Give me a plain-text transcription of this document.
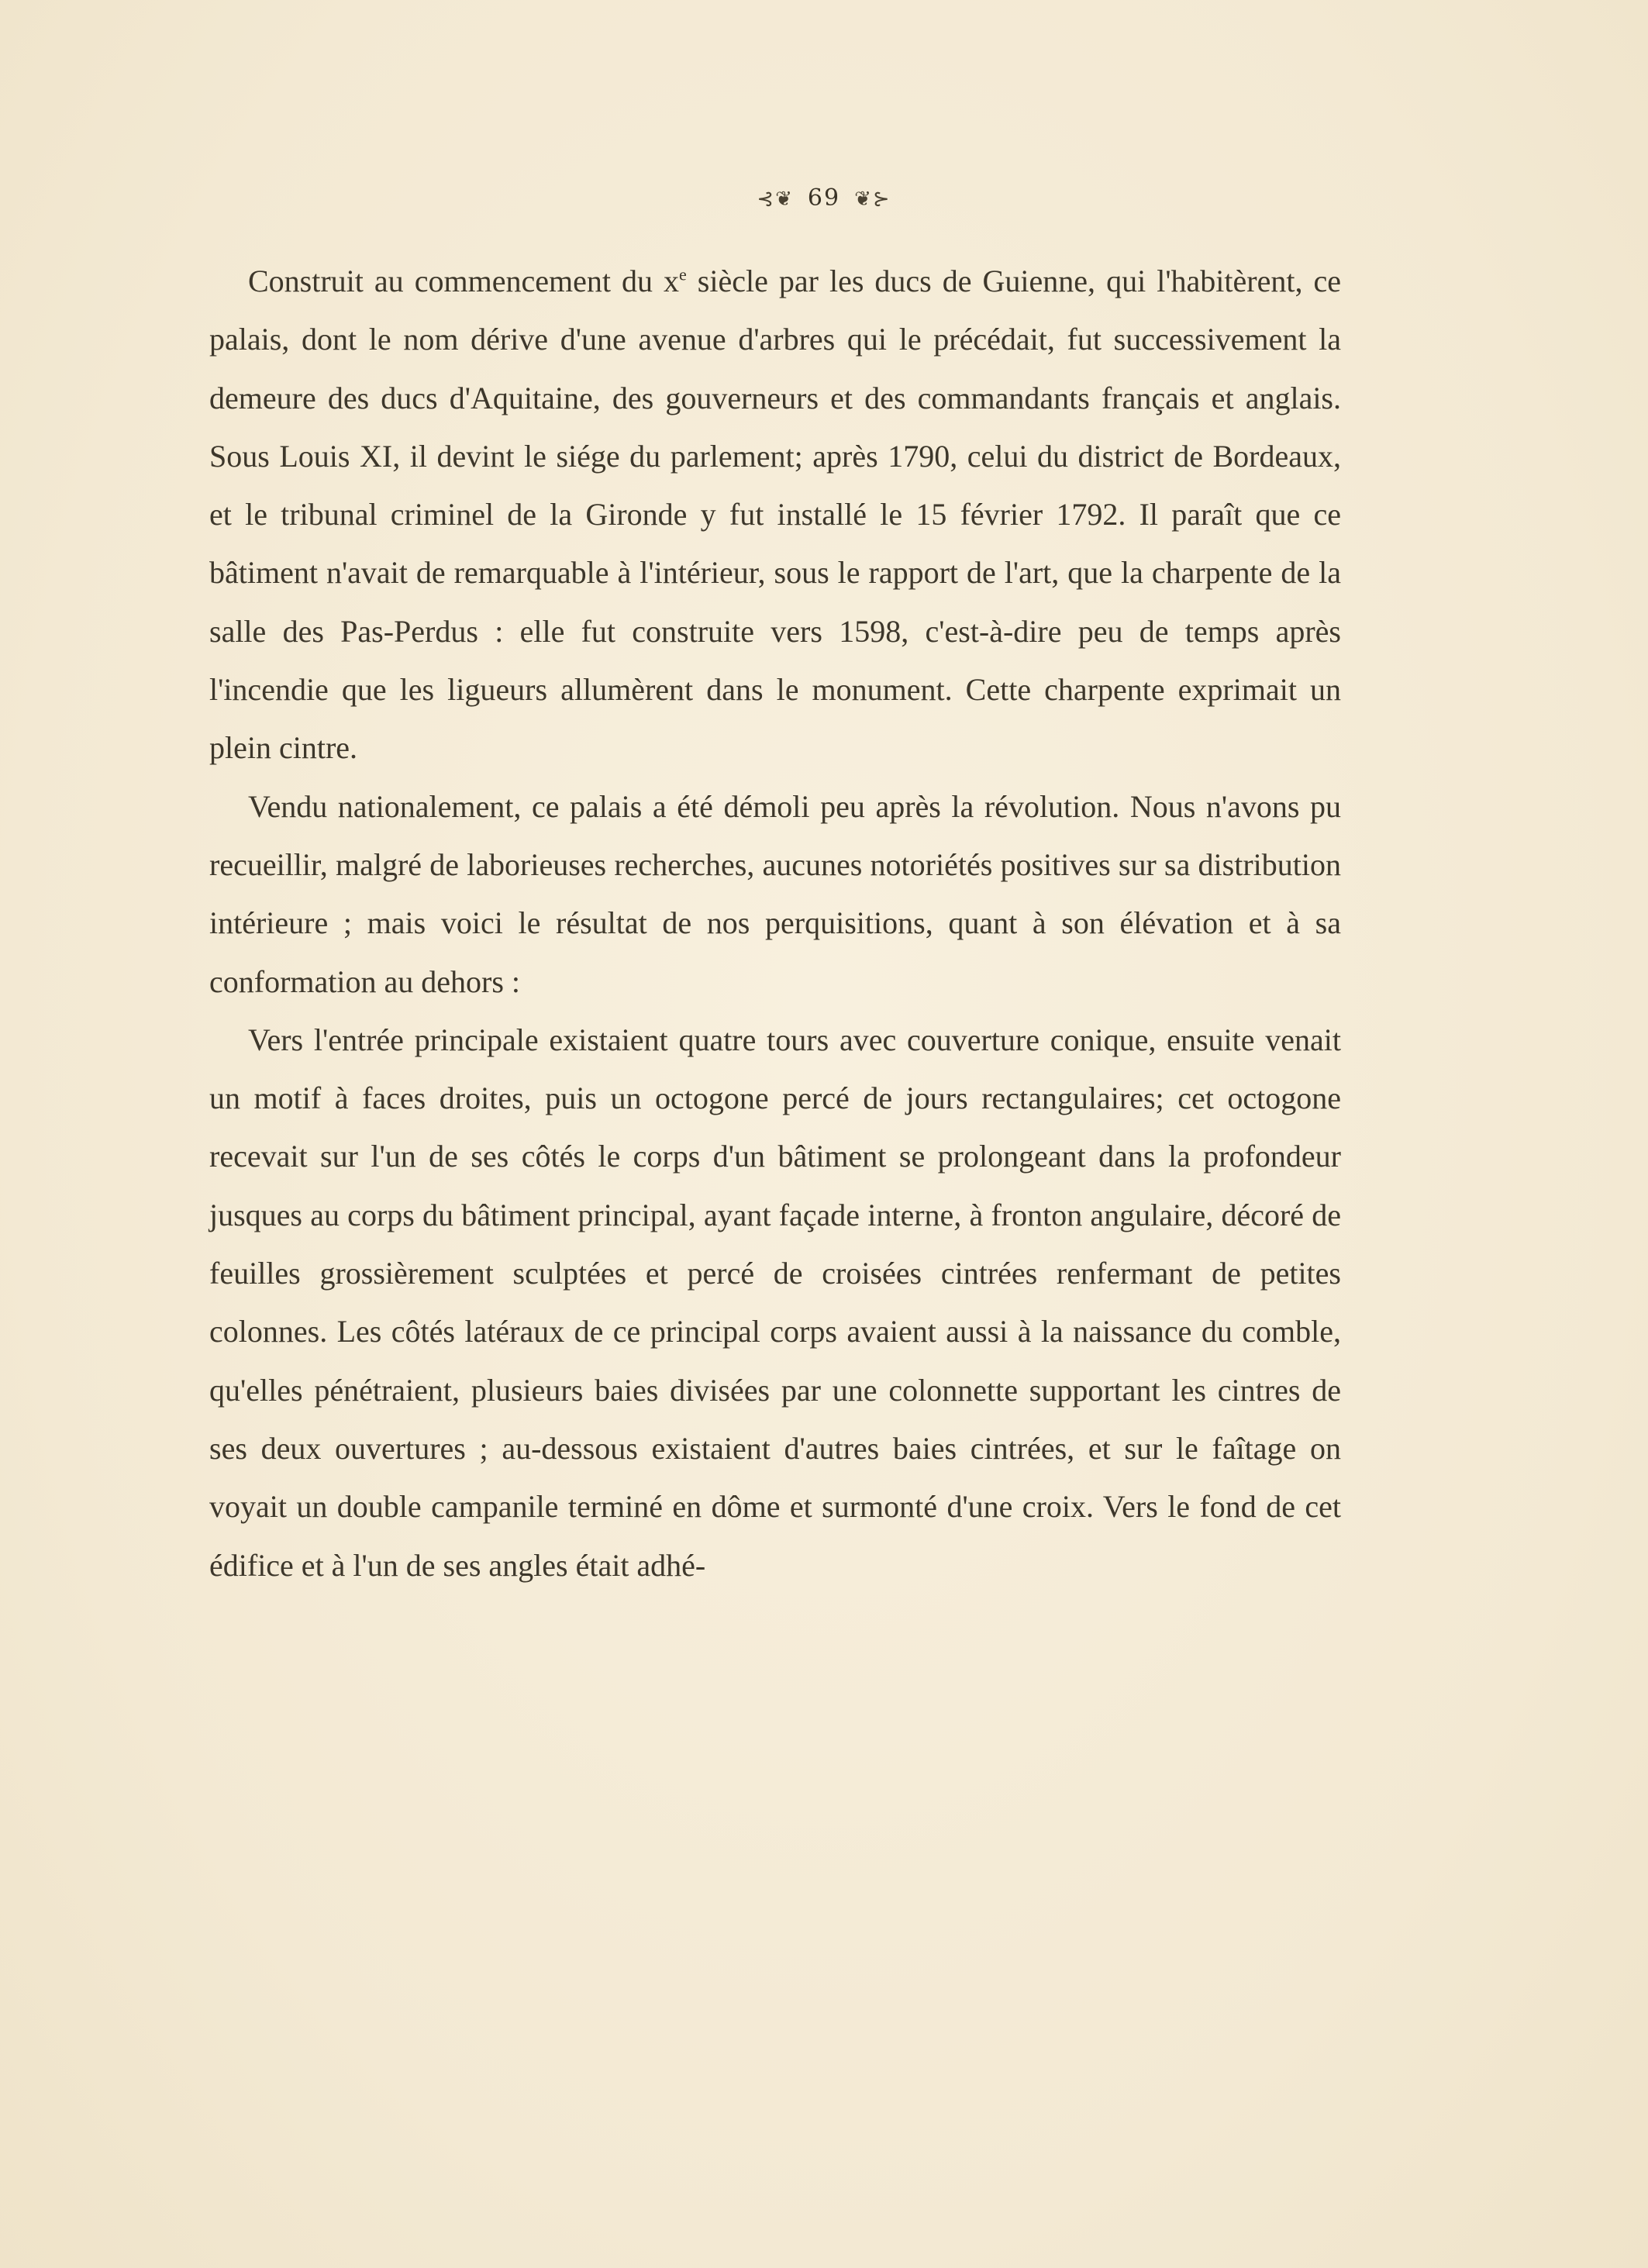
⊰❦ 69 ❦⊱

Construit au commencement du $x^e$ siècle par les ducs de Guienne, qui l'habitèrent, ce palais, dont le nom dérive d'une avenue d'arbres qui le précédait, fut successivement la demeure des ducs d'Aquitaine, des gouverneurs et des commandants français et anglais. Sous Louis XI, il devint le siége du parlement; après 1790, celui du district de Bordeaux, et le tribunal criminel de la Gironde y fut installé le 15 février 1792. Il paraît que ce bâtiment n'avait de remarquable à l'intérieur, sous le rapport de l'art, que la charpente de la salle des Pas-Perdus : elle fut construite vers 1598, c'est-à-dire peu de temps après l'incendie que les ligueurs allumèrent dans le monument. Cette charpente exprimait un plein cintre.

Vendu nationalement, ce palais a été démoli peu après la révolution. Nous n'avons pu recueillir, malgré de laborieuses recherches, aucunes notoriétés positives sur sa distribution intérieure ; mais voici le résultat de nos perquisitions, quant à son élévation et à sa conformation au dehors :

Vers l'entrée principale existaient quatre tours avec couverture conique, ensuite venait un motif à faces droites, puis un octogone percé de jours rectangulaires; cet octogone recevait sur l'un de ses côtés le corps d'un bâtiment se prolongeant dans la profondeur jusques au corps du bâtiment principal, ayant façade interne, à fronton angulaire, décoré de feuilles grossièrement sculptées et percé de croisées cintrées renfermant de petites colonnes. Les côtés latéraux de ce principal corps avaient aussi à la naissance du comble, qu'elles pénétraient, plusieurs baies divisées par une colonnette supportant les cintres de ses deux ouvertures ; au-dessous existaient d'autres baies cintrées, et sur le faîtage on voyait un double campanile terminé en dôme et surmonté d'une croix. Vers le fond de cet édifice et à l'un de ses angles était adhé-
